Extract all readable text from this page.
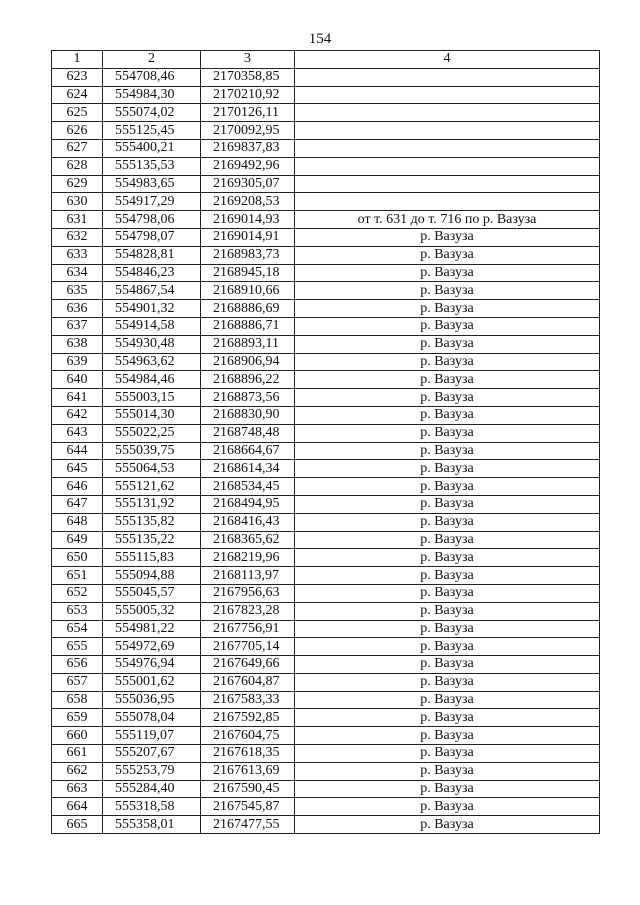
154
1	2	3	4
623	554708,46	2170358,85	
624	554984,30	2170210,92	
625	555074,02	2170126,11	
626	555125,45	2170092,95	
627	555400,21	2169837,83	
628	555135,53	2169492,96	
629	554983,65	2169305,07	
630	554917,29	2169208,53	
631	554798,06	2169014,93	от т. 631 до т. 716 по р. Вазуза
632	554798,07	2169014,91	р. Вазуза
633	554828,81	2168983,73	р. Вазуза
634	554846,23	2168945,18	р. Вазуза
635	554867,54	2168910,66	р. Вазуза
636	554901,32	2168886,69	р. Вазуза
637	554914,58	2168886,71	р. Вазуза
638	554930,48	2168893,11	р. Вазуза
639	554963,62	2168906,94	р. Вазуза
640	554984,46	2168896,22	р. Вазуза
641	555003,15	2168873,56	р. Вазуза
642	555014,30	2168830,90	р. Вазуза
643	555022,25	2168748,48	р. Вазуза
644	555039,75	2168664,67	р. Вазуза
645	555064,53	2168614,34	р. Вазуза
646	555121,62	2168534,45	р. Вазуза
647	555131,92	2168494,95	р. Вазуза
648	555135,82	2168416,43	р. Вазуза
649	555135,22	2168365,62	р. Вазуза
650	555115,83	2168219,96	р. Вазуза
651	555094,88	2168113,97	р. Вазуза
652	555045,57	2167956,63	р. Вазуза
653	555005,32	2167823,28	р. Вазуза
654	554981,22	2167756,91	р. Вазуза
655	554972,69	2167705,14	р. Вазуза
656	554976,94	2167649,66	р. Вазуза
657	555001,62	2167604,87	р. Вазуза
658	555036,95	2167583,33	р. Вазуза
659	555078,04	2167592,85	р. Вазуза
660	555119,07	2167604,75	р. Вазуза
661	555207,67	2167618,35	р. Вазуза
662	555253,79	2167613,69	р. Вазуза
663	555284,40	2167590,45	р. Вазуза
664	555318,58	2167545,87	р. Вазуза
665	555358,01	2167477,55	р. Вазуза
